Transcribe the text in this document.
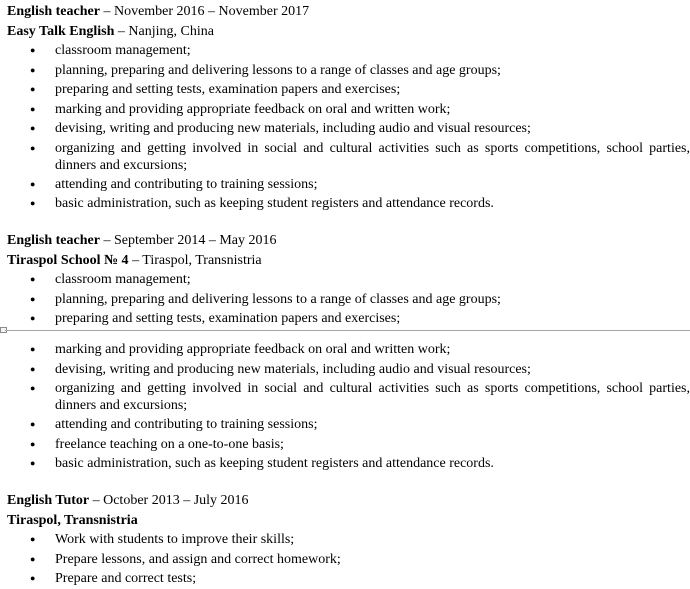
English teacher – November 2016 – November 2017
Easy Talk English – Nanjing, China
● classroom management;
● planning, preparing and delivering lessons to a range of classes and age groups;
● preparing and setting tests, examination papers and exercises;
● marking and providing appropriate feedback on oral and written work;
● devising, writing and producing new materials, including audio and visual resources;
● organizing and getting involved in social and cultural activities such as sports competitions, school parties, dinners and excursions;
● attending and contributing to training sessions;
● basic administration, such as keeping student registers and attendance records.
English teacher – September 2014 – May 2016
Tiraspol School № 4 – Tiraspol, Transnistria
● classroom management;
● planning, preparing and delivering lessons to a range of classes and age groups;
● preparing and setting tests, examination papers and exercises;
● marking and providing appropriate feedback on oral and written work;
● devising, writing and producing new materials, including audio and visual resources;
● organizing and getting involved in social and cultural activities such as sports competitions, school parties, dinners and excursions;
● attending and contributing to training sessions;
● freelance teaching on a one-to-one basis;
● basic administration, such as keeping student registers and attendance records.
English Tutor – October 2013 – July 2016
Tiraspol, Transnistria
● Work with students to improve their skills;
● Prepare lessons, and assign and correct homework;
● Prepare and correct tests;
